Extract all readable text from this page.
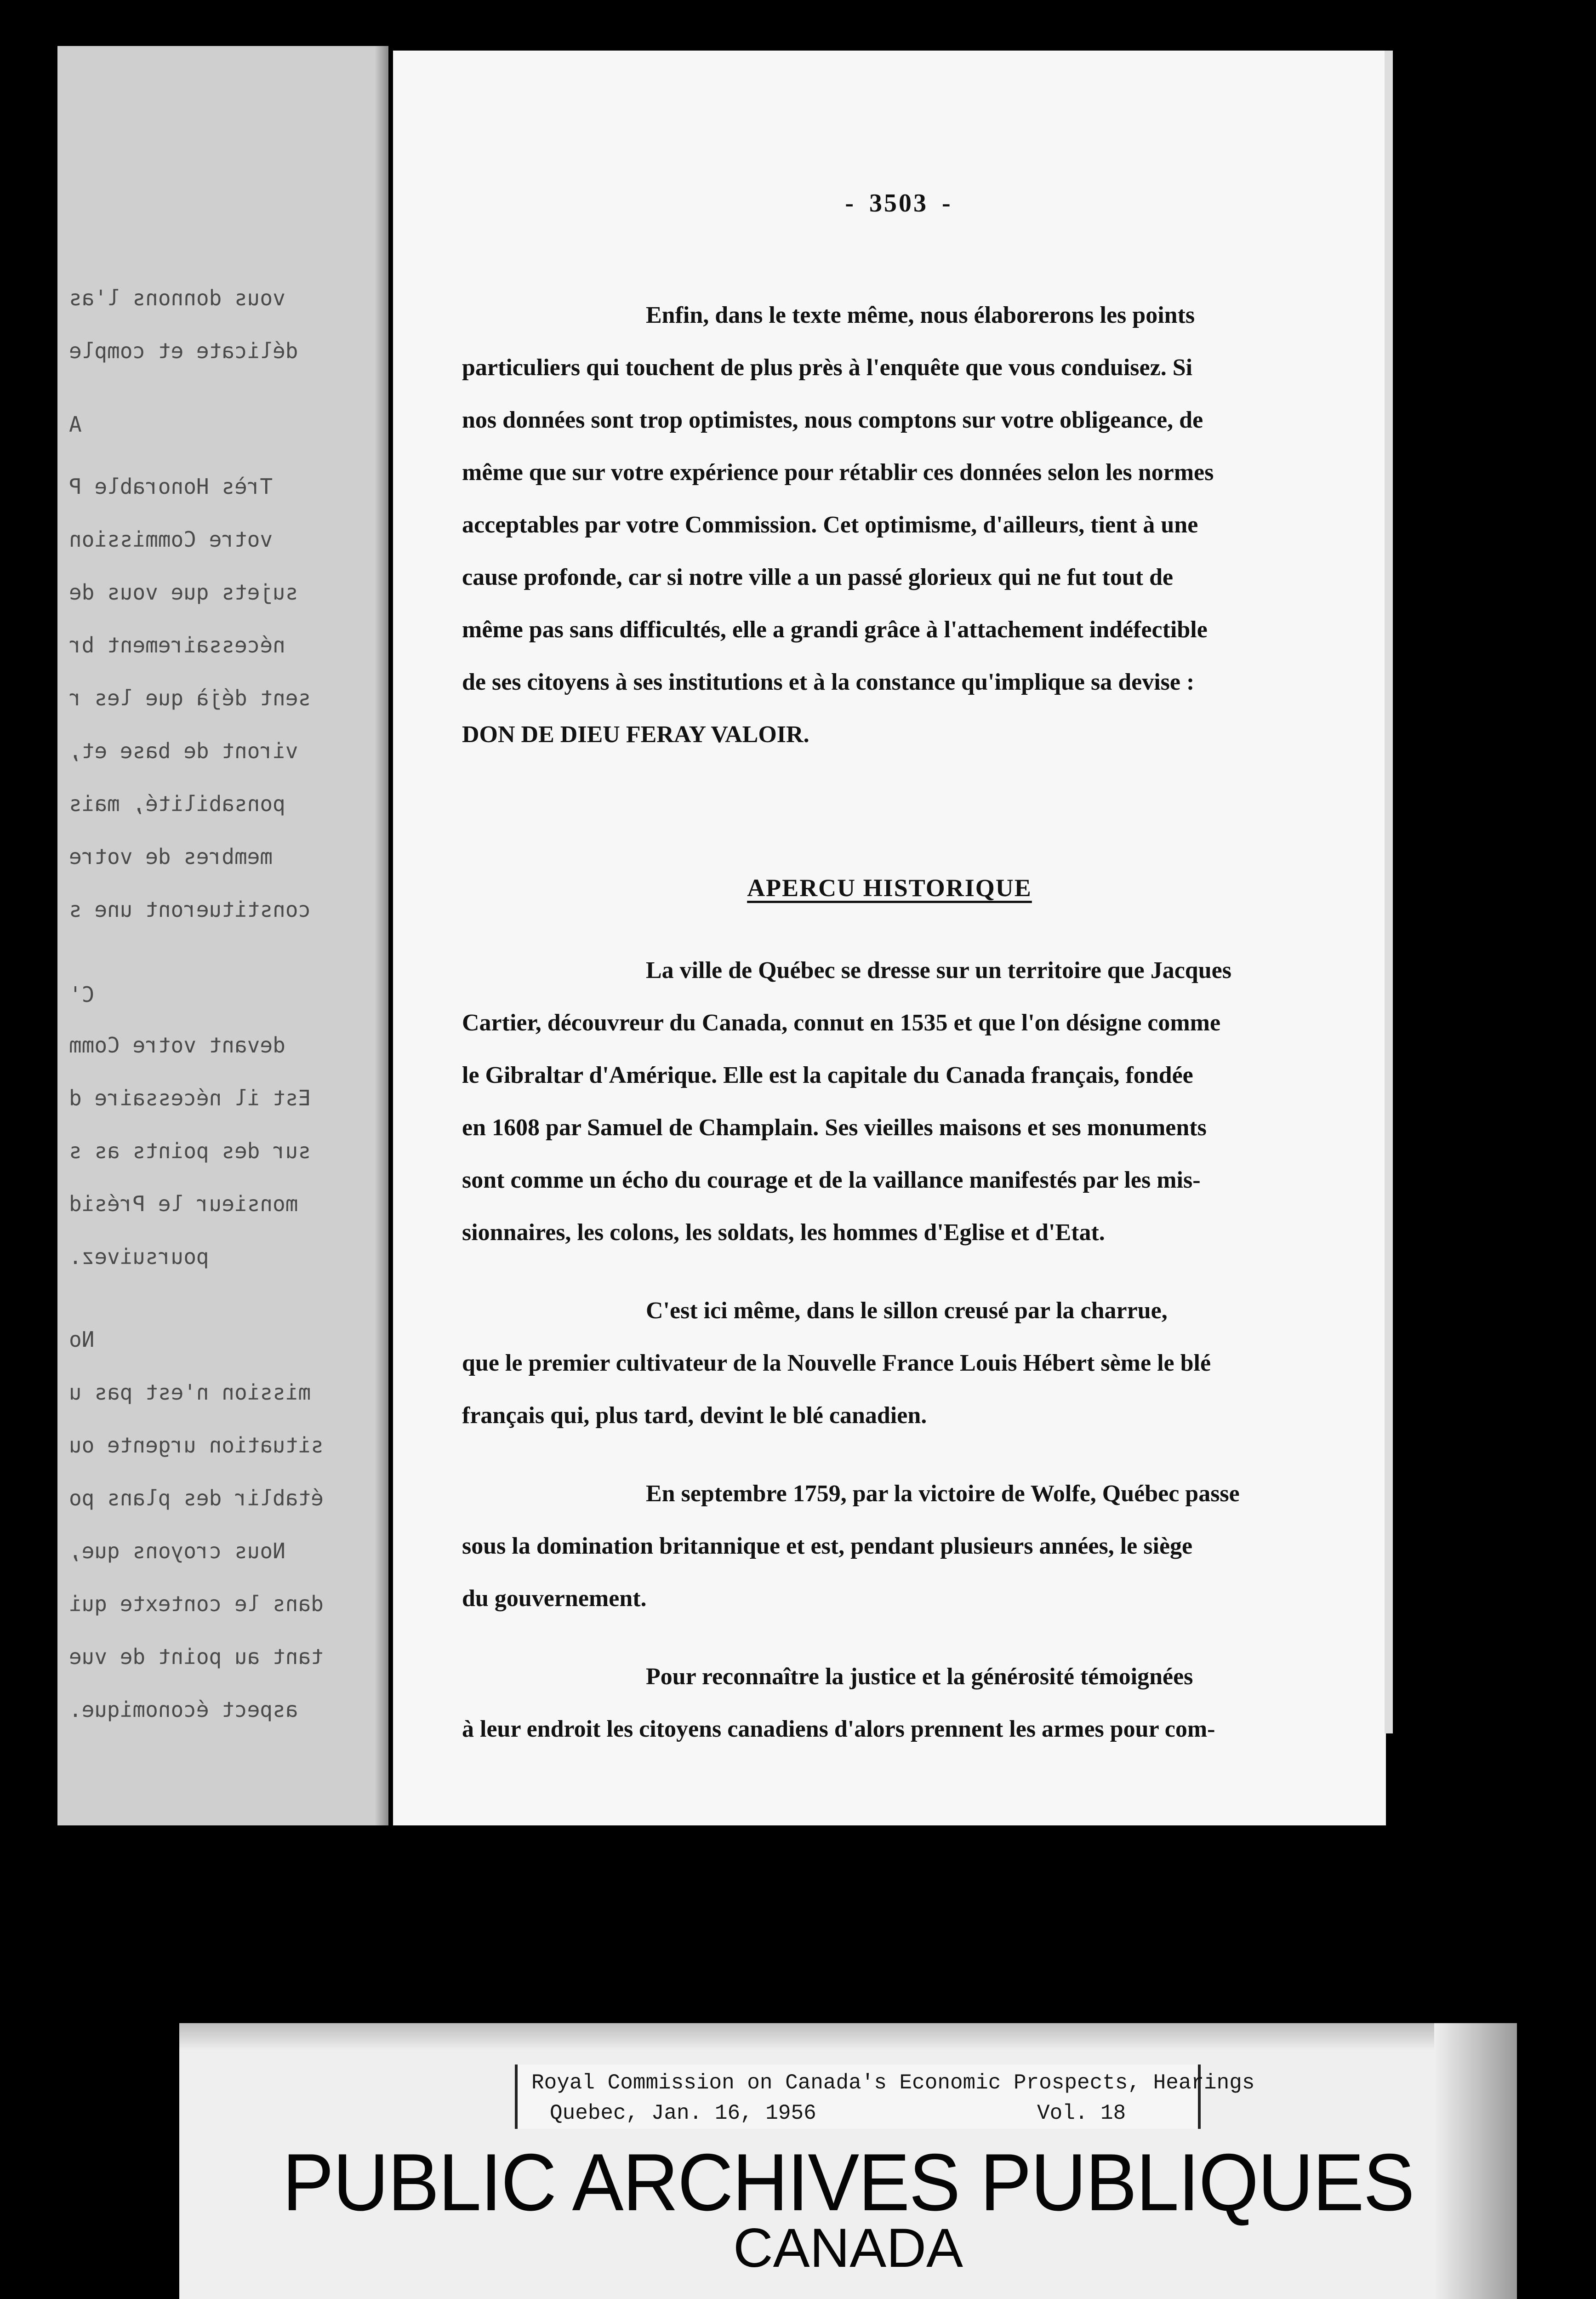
vous donnons l'as
délicate et comple
A
Très Honorable P
votre Commission
sujets que vous de
nécessairement br
sent déjà que les r
viront de base et,
ponsabilité, mais
membres de votre
constitueront une s
C'
devant votre Comm
Est il nécessaire d
sur des points as s
monsieur le Présid
poursuivez.
No
mission n'est pas u
situation urgente ou
établir des plans po
Nous croyons que,
dans le contexte qui
tant au point de vue
aspect économique.
- 3503 -
Enfin, dans le texte même, nous élaborerons les points
particuliers qui touchent de plus près à l'enquête que vous conduisez. Si
nos données sont trop optimistes, nous comptons sur votre obligeance, de
même que sur votre expérience pour rétablir ces données selon les normes
acceptables par votre Commission. Cet optimisme, d'ailleurs, tient à une
cause profonde, car si notre ville a un passé glorieux qui ne fut tout de
même pas sans difficultés, elle a grandi grâce à l'attachement indéfectible
de ses citoyens à ses institutions et à la constance qu'implique sa devise :
DON DE DIEU FERAY VALOIR.
APERCU HISTORIQUE
La ville de Québec se dresse sur un territoire que Jacques
Cartier, découvreur du Canada, connut en 1535 et que l'on désigne comme
le Gibraltar d'Amérique. Elle est la capitale du Canada français, fondée
en 1608 par Samuel de Champlain. Ses vieilles maisons et ses monuments
sont comme un écho du courage et de la vaillance manifestés par les mis-
sionnaires, les colons, les soldats, les hommes d'Eglise et d'Etat.
C'est ici même, dans le sillon creusé par la charrue,
que le premier cultivateur de la Nouvelle France Louis Hébert sème le blé
français qui, plus tard, devint le blé canadien.
En septembre 1759, par la victoire de Wolfe, Québec passe
sous la domination britannique et est, pendant plusieurs années, le siège
du gouvernement.
Pour reconnaître la justice et la générosité témoignées
à leur endroit les citoyens canadiens d'alors prennent les armes pour com-
Royal Commission on Canada's Economic Prospects, Hearings
Quebec, Jan. 16, 1956	Vol. 18
PUBLIC ARCHIVES PUBLIQUES
CANADA
